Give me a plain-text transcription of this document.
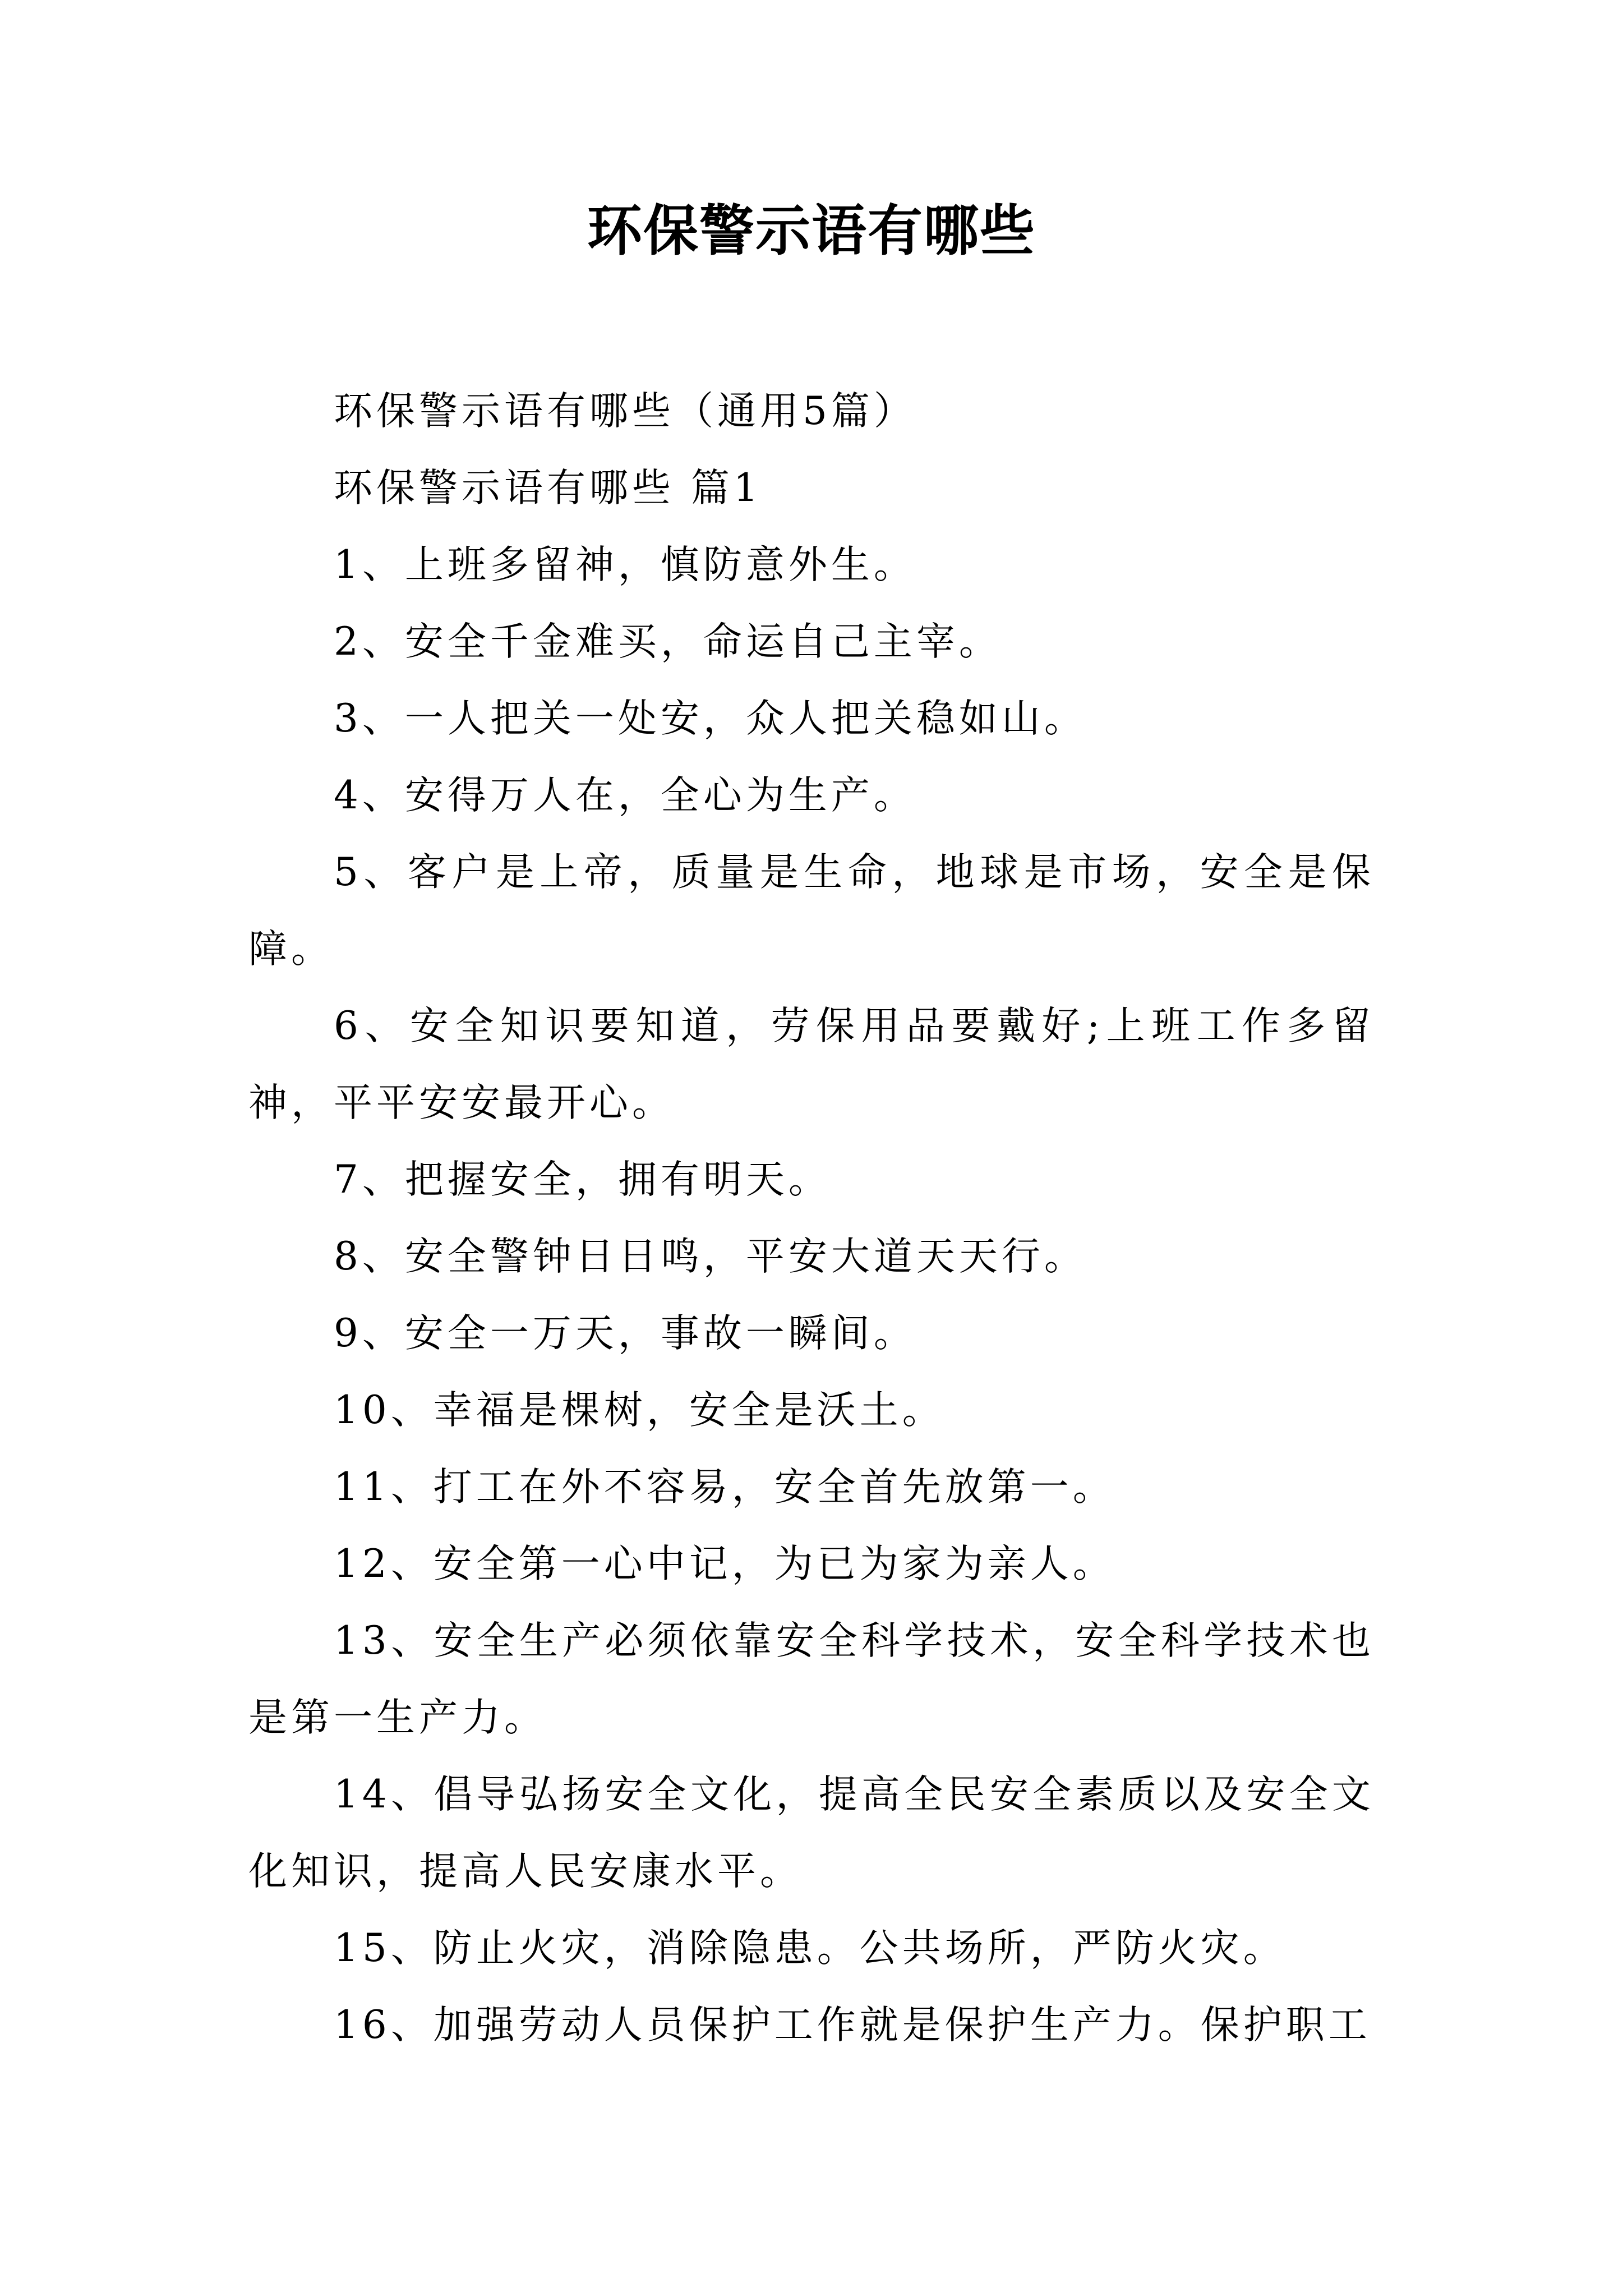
环保警示语有哪些

环保警示语有哪些（通用5篇）

环保警示语有哪些 篇1

1、上班多留神，慎防意外生。

2、安全千金难买，命运自己主宰。

3、一人把关一处安，众人把关稳如山。

4、安得万人在，全心为生产。

5、客户是上帝，质量是生命，地球是市场，安全是保障。

6、安全知识要知道，劳保用品要戴好;上班工作多留神，平平安安最开心。

7、把握安全，拥有明天。

8、安全警钟日日鸣，平安大道天天行。

9、安全一万天，事故一瞬间。

10、幸福是棵树，安全是沃土。

11、打工在外不容易，安全首先放第一。

12、安全第一心中记，为已为家为亲人。

13、安全生产必须依靠安全科学技术，安全科学技术也是第一生产力。

14、倡导弘扬安全文化，提高全民安全素质以及安全文化知识，提高人民安康水平。

15、防止火灾，消除隐患。公共场所，严防火灾。

16、加强劳动人员保护工作就是保护生产力。保护职工
